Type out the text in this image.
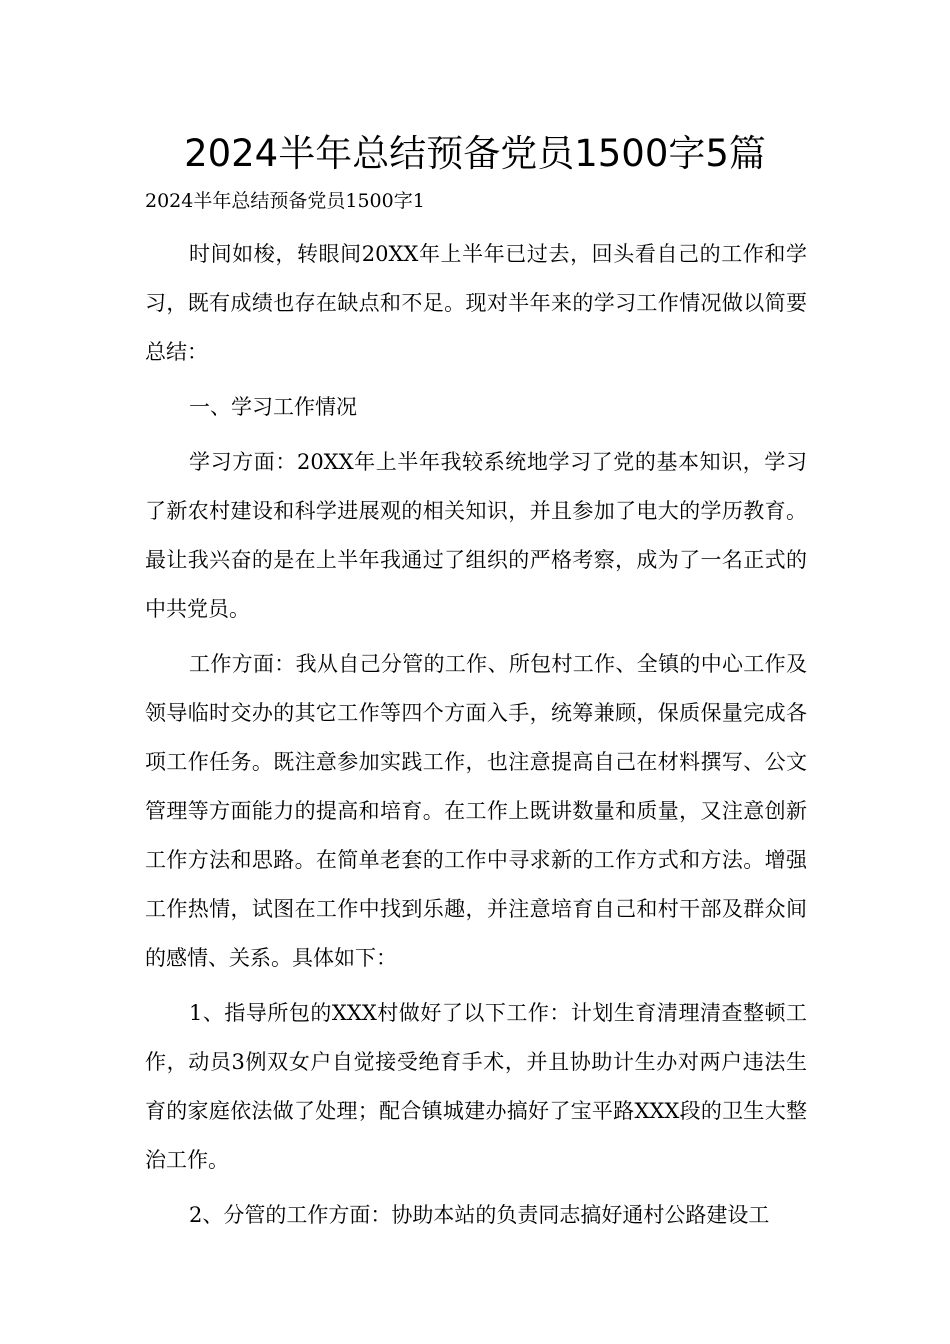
2024半年总结预备党员1500字5篇

2024半年总结预备党员1500字1

时间如梭，转眼间20XX年上半年已过去，回头看自己的工作和学习，既有成绩也存在缺点和不足。现对半年来的学习工作情况做以简要总结：

一、学习工作情况

学习方面：20XX年上半年我较系统地学习了党的基本知识，学习了新农村建设和科学进展观的相关知识，并且参加了电大的学历教育。最让我兴奋的是在上半年我通过了组织的严格考察，成为了一名正式的中共党员。

工作方面：我从自己分管的工作、所包村工作、全镇的中心工作及领导临时交办的其它工作等四个方面入手，统筹兼顾，保质保量完成各项工作任务。既注意参加实践工作，也注意提高自己在材料撰写、公文管理等方面能力的提高和培育。在工作上既讲数量和质量，又注意创新工作方法和思路。在简单老套的工作中寻求新的工作方式和方法。增强工作热情，试图在工作中找到乐趣，并注意培育自己和村干部及群众间的感情、关系。具体如下：

1、指导所包的XXX村做好了以下工作：计划生育清理清查整顿工作，动员3例双女户自觉接受绝育手术，并且协助计生办对两户违法生育的家庭依法做了处理；配合镇城建办搞好了宝平路XXX段的卫生大整治工作。

2、分管的工作方面：协助本站的负责同志搞好通村公路建设工
